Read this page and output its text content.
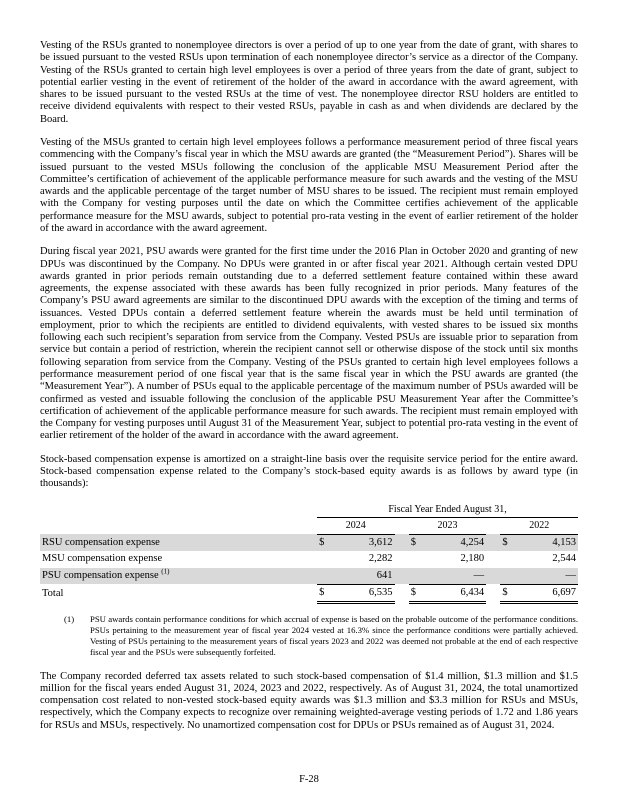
Vesting of the RSUs granted to nonemployee directors is over a period of up to one year from the date of grant, with shares to be issued pursuant to the vested RSUs upon termination of each nonemployee director’s service as a director of the Company. Vesting of the RSUs granted to certain high level employees is over a period of three years from the date of grant, subject to potential earlier vesting in the event of retirement of the holder of the award in accordance with the award agreement, with shares to be issued pursuant to the vested RSUs at the time of vest. The nonemployee director RSU holders are entitled to receive dividend equivalents with respect to their vested RSUs, payable in cash as and when dividends are declared by the Board.

Vesting of the MSUs granted to certain high level employees follows a performance measurement period of three fiscal years commencing with the Company’s fiscal year in which the MSU awards are granted (the “Measurement Period”). Shares will be issued pursuant to the vested MSUs following the conclusion of the applicable MSU Measurement Period after the Committee’s certification of achievement of the applicable performance measure for such awards and the vesting of the MSU awards and the applicable percentage of the target number of MSU shares to be issued. The recipient must remain employed with the Company for vesting purposes until the date on which the Committee certifies achievement of the applicable performance measure for the MSU awards, subject to potential pro-rata vesting in the event of earlier retirement of the holder of the award in accordance with the award agreement.

During fiscal year 2021, PSU awards were granted for the first time under the 2016 Plan in October 2020 and granting of new DPUs was discontinued by the Company. No DPUs were granted in or after fiscal year 2021. Although certain vested DPU awards granted in prior periods remain outstanding due to a deferred settlement feature contained within these award agreements, the expense associated with these awards has been fully recognized in prior periods. Many features of the Company’s PSU award agreements are similar to the discontinued DPU awards with the exception of the timing and terms of issuances. Vested DPUs contain a deferred settlement feature wherein the awards must be held until termination of employment, prior to which the recipients are entitled to dividend equivalents, with vested shares to be issued six months following each such recipient’s separation from service from the Company. Vested PSUs are issuable prior to separation from service but contain a period of restriction, wherein the recipient cannot sell or otherwise dispose of the stock until six months following separation from service from the Company. Vesting of the PSUs granted to certain high level employees follows a performance measurement period of one fiscal year that is the same fiscal year in which the PSU awards are granted (the “Measurement Year”). A number of PSUs equal to the applicable percentage of the maximum number of PSUs awarded will be confirmed as vested and issuable following the conclusion of the applicable PSU Measurement Year after the Committee’s certification of achievement of the applicable performance measure for such awards. The recipient must remain employed with the Company for vesting purposes until August 31 of the Measurement Year, subject to potential pro-rata vesting in the event of earlier retirement of the holder of the award in accordance with the award agreement.

Stock-based compensation expense is amortized on a straight-line basis over the requisite service period for the entire award. Stock-based compensation expense related to the Company’s stock-based equity awards is as follows by award type (in thousands):

	Fiscal Year Ended August 31,							
	2024			2023			2022	
RSU compensation expense	$	3,612		$	4,254		$	4,153
MSU compensation expense		2,282			2,180			2,544
PSU compensation expense $^{(1)}$		641			—			—
Total	$	6,535		$	6,434		$	6,697
(1)	PSU awards contain performance conditions for which accrual of expense is based on the probable outcome of the performance conditions. PSUs pertaining to the measurement year of fiscal year 2024 vested at 16.3% since the performance conditions were partially achieved. Vesting of PSUs pertaining to the measurement years of fiscal years 2023 and 2022 was deemed not probable at the end of each respective fiscal year and the PSUs were subsequently forfeited.

The Company recorded deferred tax assets related to such stock-based compensation of $1.4 million, $1.3 million and $1.5 million for the fiscal years ended August 31, 2024, 2023 and 2022, respectively. As of August 31, 2024, the total unamortized compensation cost related to non-vested stock-based equity awards was $1.3 million and $3.3 million for RSUs and MSUs, respectively, which the Company expects to recognize over remaining weighted-average vesting periods of 1.72 and 1.86 years for RSUs and MSUs, respectively. No unamortized compensation cost for DPUs or PSUs remained as of August 31, 2024.

F-28
